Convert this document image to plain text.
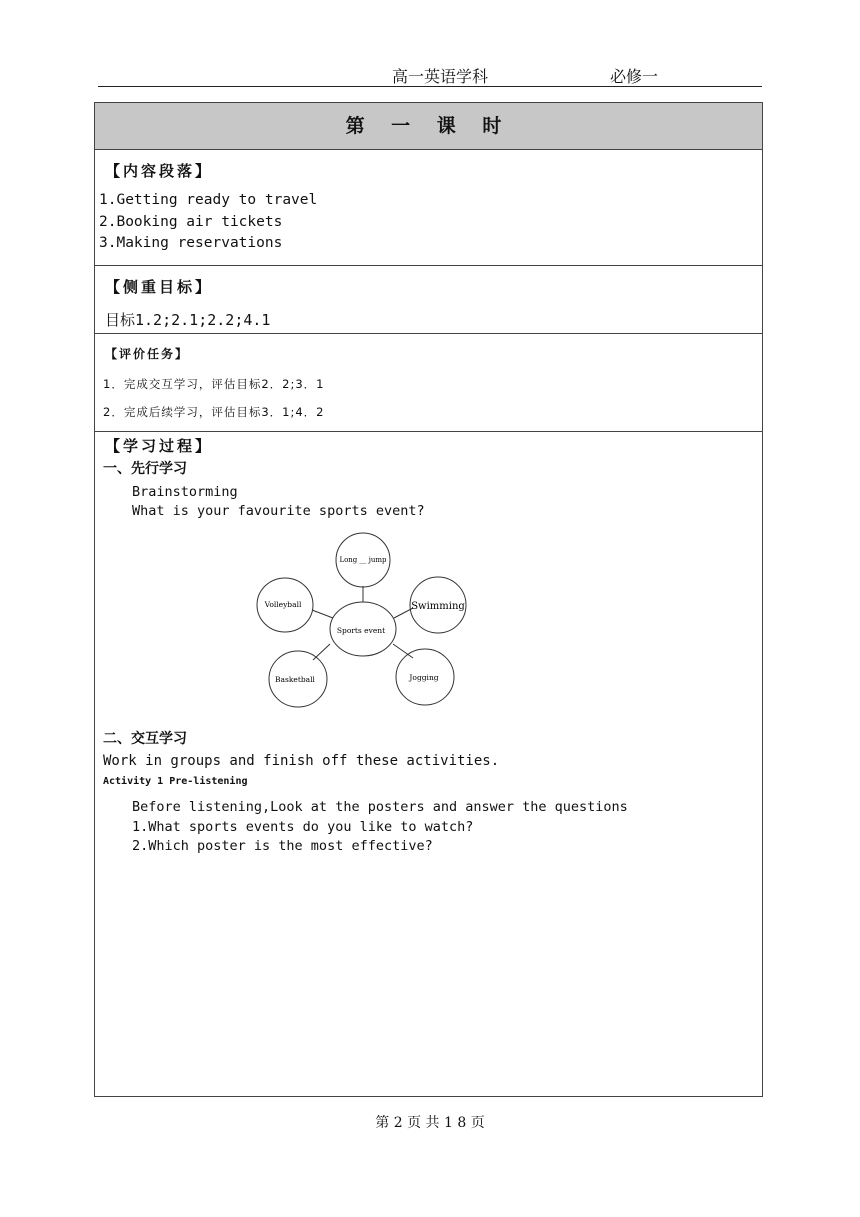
高一英语学科	必修一
第 一 课 时
【内容段落】
1.Getting ready to travel
2.Booking air tickets
3.Making reservations
【侧重目标】
目标1.2;2.1;2.2;4.1
【评价任务】
1．完成交互学习，评估目标2．2;3．1
2．完成后续学习，评估目标3．1;4．2
【学习过程】
一、先行学习
Brainstorming
What is your favourite sports event?
Long __ jump
Sports event
Volleyball	Swimming
Basketball	Jogging
二、交互学习
Work in groups and finish off these activities.
Activity 1 Pre-listening
Before listening,Look at the posters and answer the questions
1.What sports events do you like to watch?
2.Which poster is the most effective?
第 2 页 共 1 8 页
